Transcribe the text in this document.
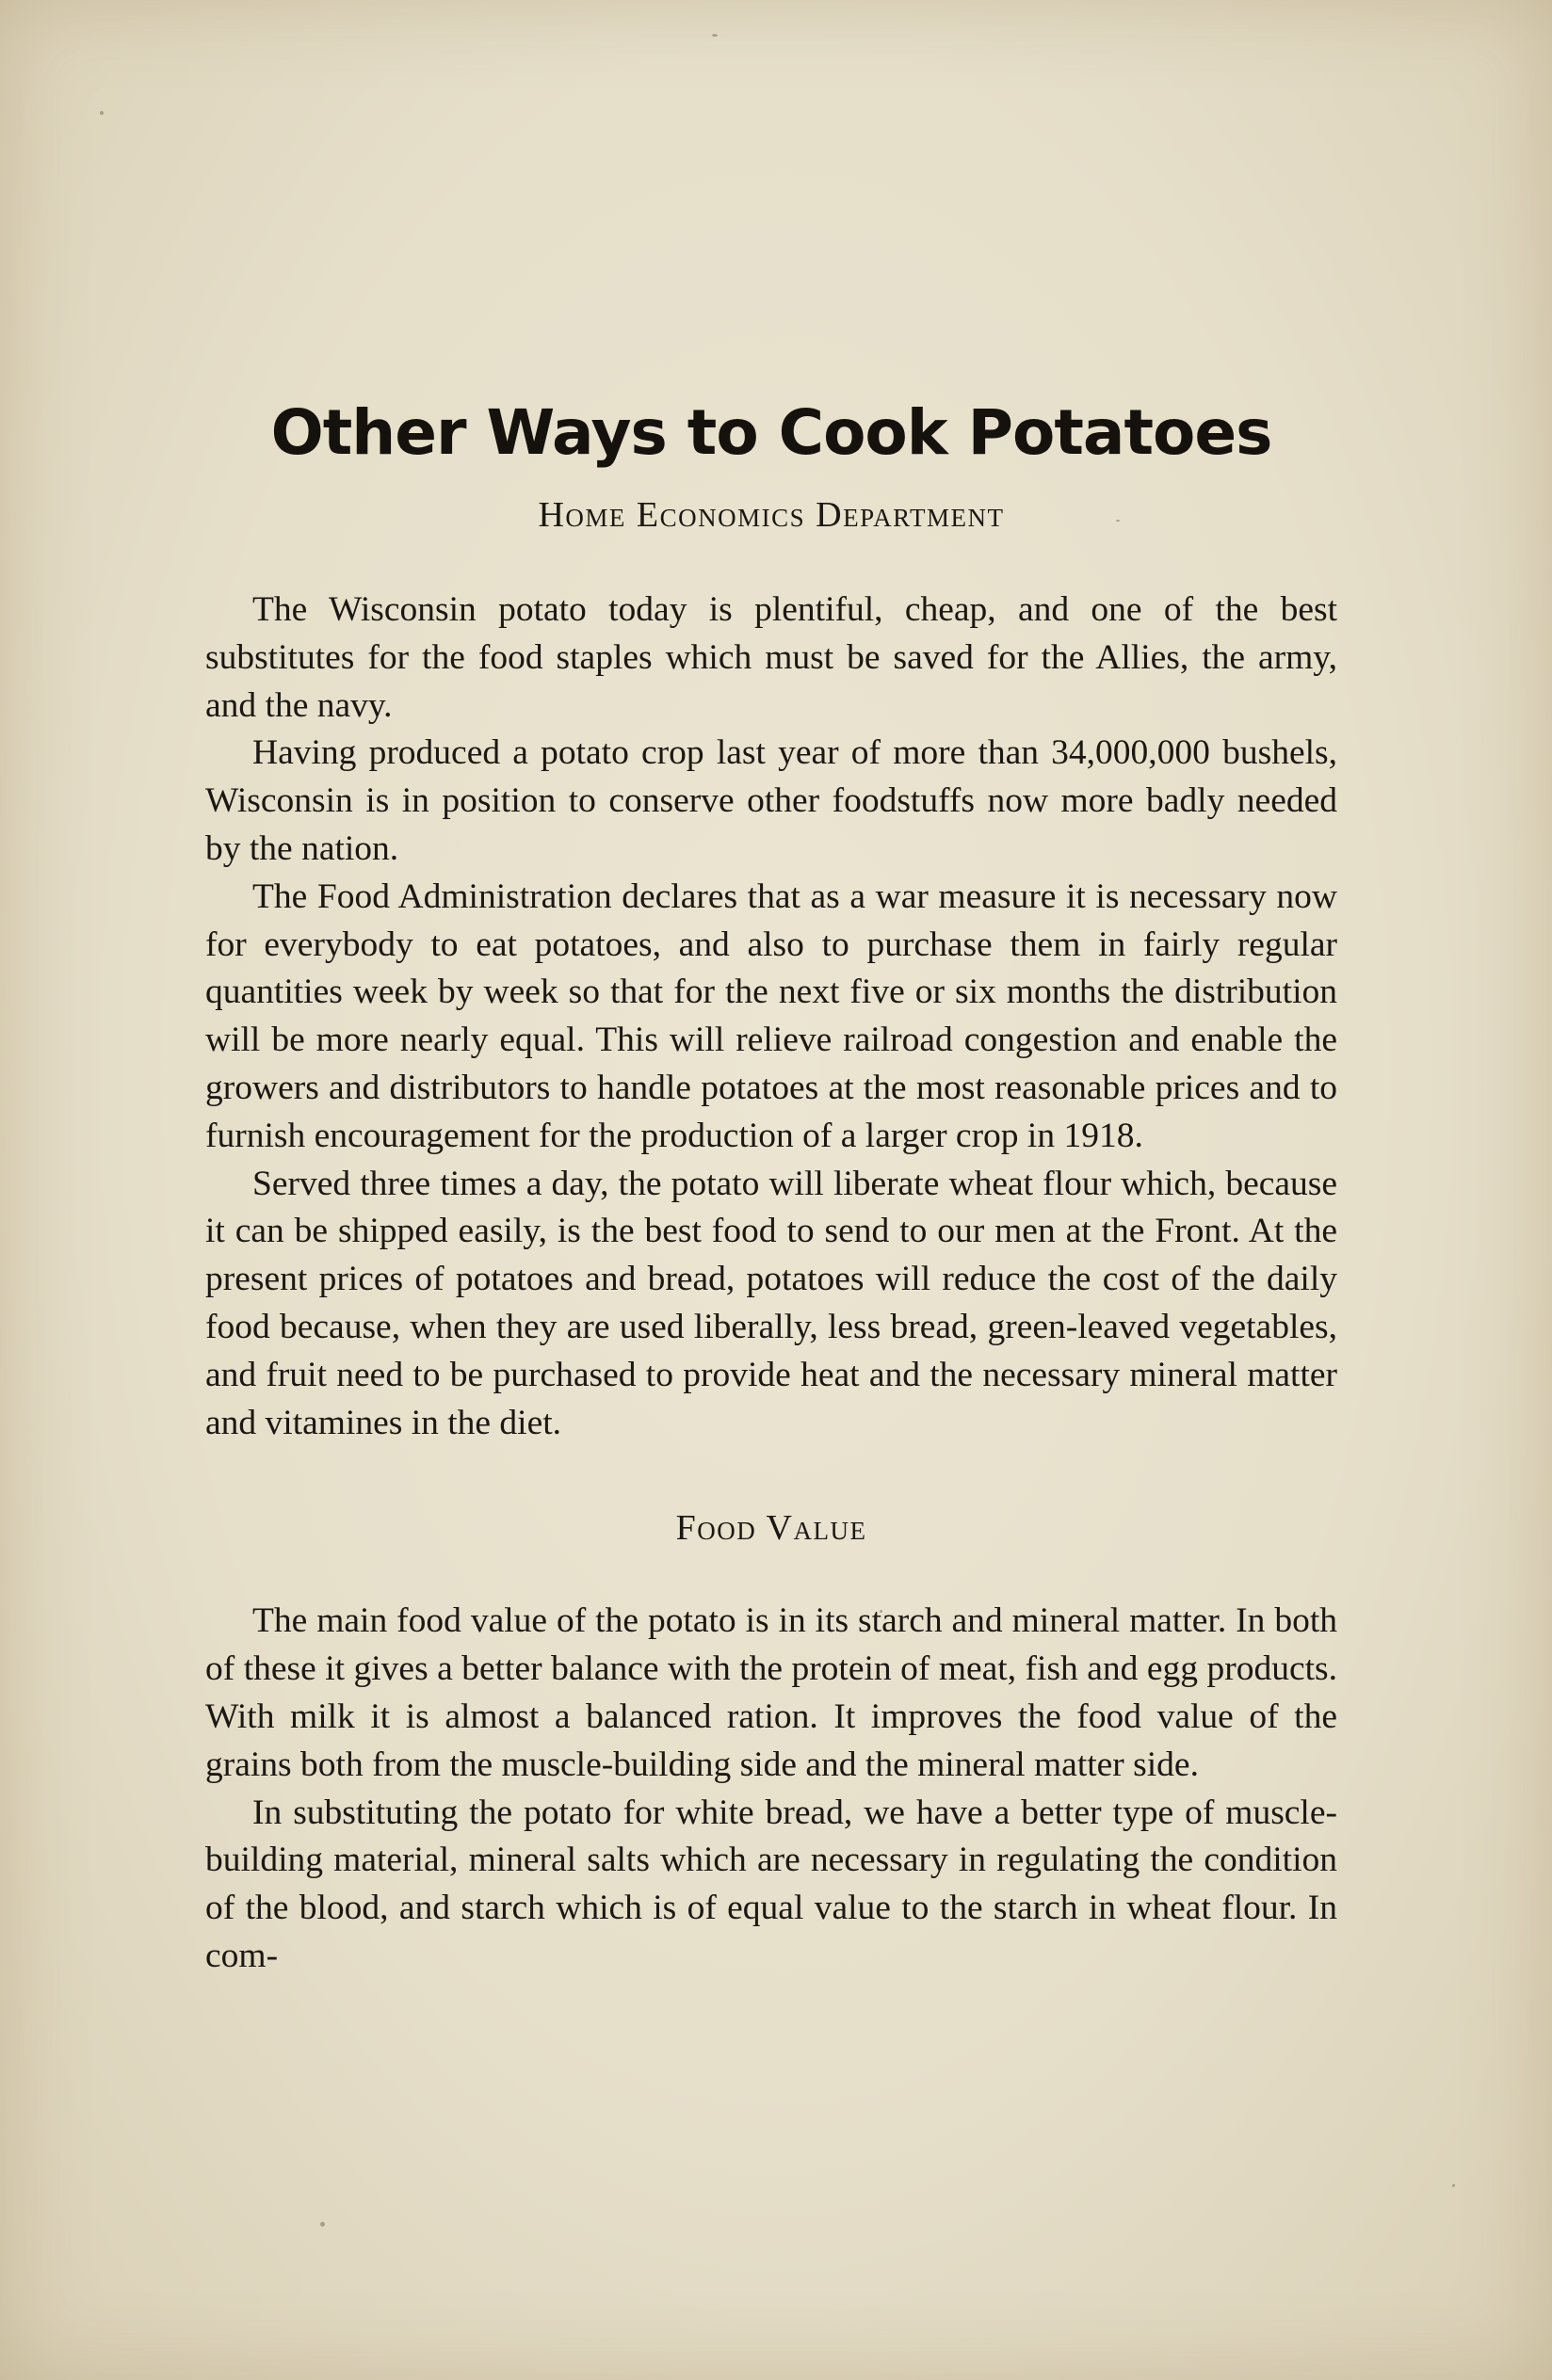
Other Ways to Cook Potatoes
Home Economics Department

The Wisconsin potato today is plentiful, cheap, and one of the best substitutes for the food staples which must be saved for the Allies, the army, and the navy.

Having produced a potato crop last year of more than 34,000,000 bushels, Wisconsin is in position to conserve other foodstuffs now more badly needed by the nation.

The Food Administration declares that as a war measure it is necessary now for everybody to eat potatoes, and also to purchase them in fairly regular quantities week by week so that for the next five or six months the distribution will be more nearly equal. This will relieve railroad congestion and enable the growers and distributors to handle potatoes at the most reasonable prices and to furnish encouragement for the production of a larger crop in 1918.

Served three times a day, the potato will liberate wheat flour which, because it can be shipped easily, is the best food to send to our men at the Front. At the present prices of potatoes and bread, potatoes will reduce the cost of the daily food because, when they are used liberally, less bread, green-leaved vegetables, and fruit need to be purchased to provide heat and the necessary mineral matter and vitamines in the diet.

Food Value

The main food value of the potato is in its starch and mineral matter. In both of these it gives a better balance with the protein of meat, fish and egg products. With milk it is almost a balanced ration. It improves the food value of the grains both from the muscle-building side and the mineral matter side.

In substituting the potato for white bread, we have a better type of muscle-building material, mineral salts which are necessary in regulating the condition of the blood, and starch which is of equal value to the starch in wheat flour. In com-
